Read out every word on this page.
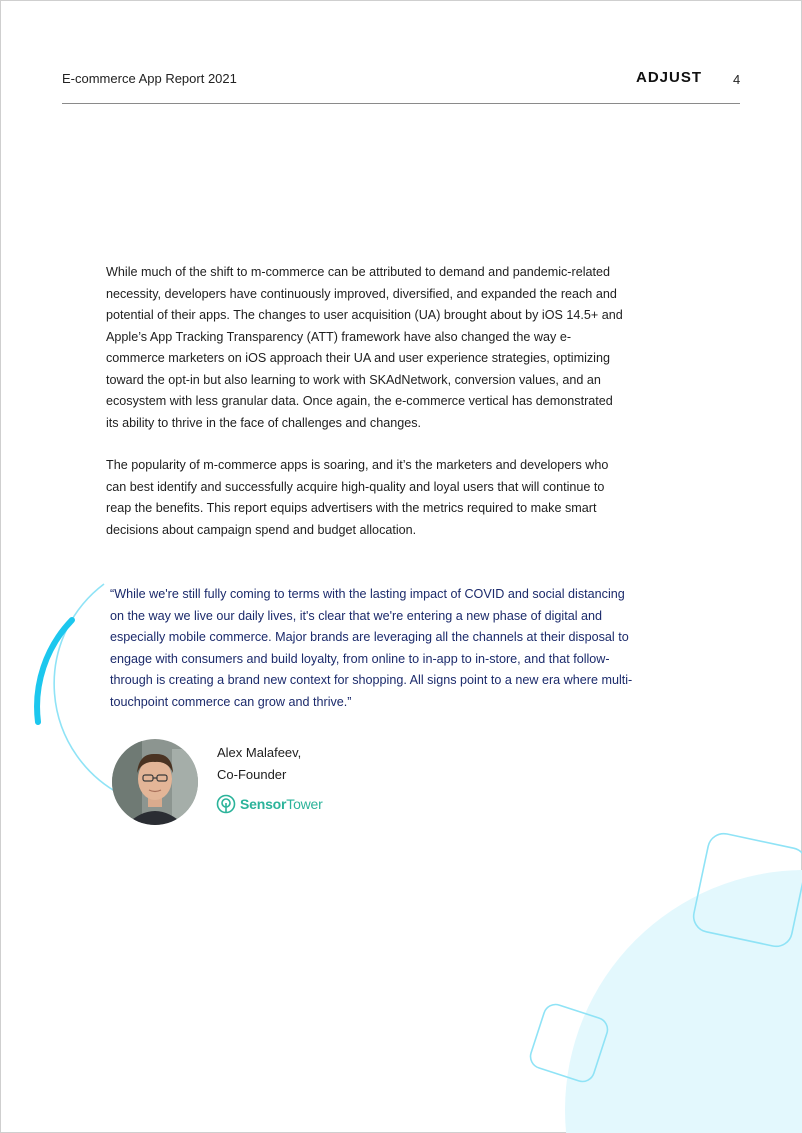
E-commerce App Report 2021	ADJUST 4

While much of the shift to m-commerce can be attributed to demand and pandemic-related necessity, developers have continuously improved, diversified, and expanded the reach and potential of their apps. The changes to user acquisition (UA) brought about by iOS 14.5+ and Apple’s App Tracking Transparency (ATT) framework have also changed the way e-commerce marketers on iOS approach their UA and user experience strategies, optimizing toward the opt-in but also learning to work with SKAdNetwork, conversion values, and an ecosystem with less granular data. Once again, the e-commerce vertical has demonstrated its ability to thrive in the face of challenges and changes.

The popularity of m-commerce apps is soaring, and it’s the marketers and developers who can best identify and successfully acquire high-quality and loyal users that will continue to reap the benefits. This report equips advertisers with the metrics required to make smart decisions about campaign spend and budget allocation.

“While we're still fully coming to terms with the lasting impact of COVID and social distancing on the way we live our daily lives, it's clear that we're entering a new phase of digital and especially mobile commerce. Major brands are leveraging all the channels at their disposal to engage with consumers and build loyalty, from online to in-app to in-store, and that follow-through is creating a brand new context for shopping. All signs point to a new era where multi-touchpoint commerce can grow and thrive.”

Alex Malafeev,
Co-Founder
SensorTower
